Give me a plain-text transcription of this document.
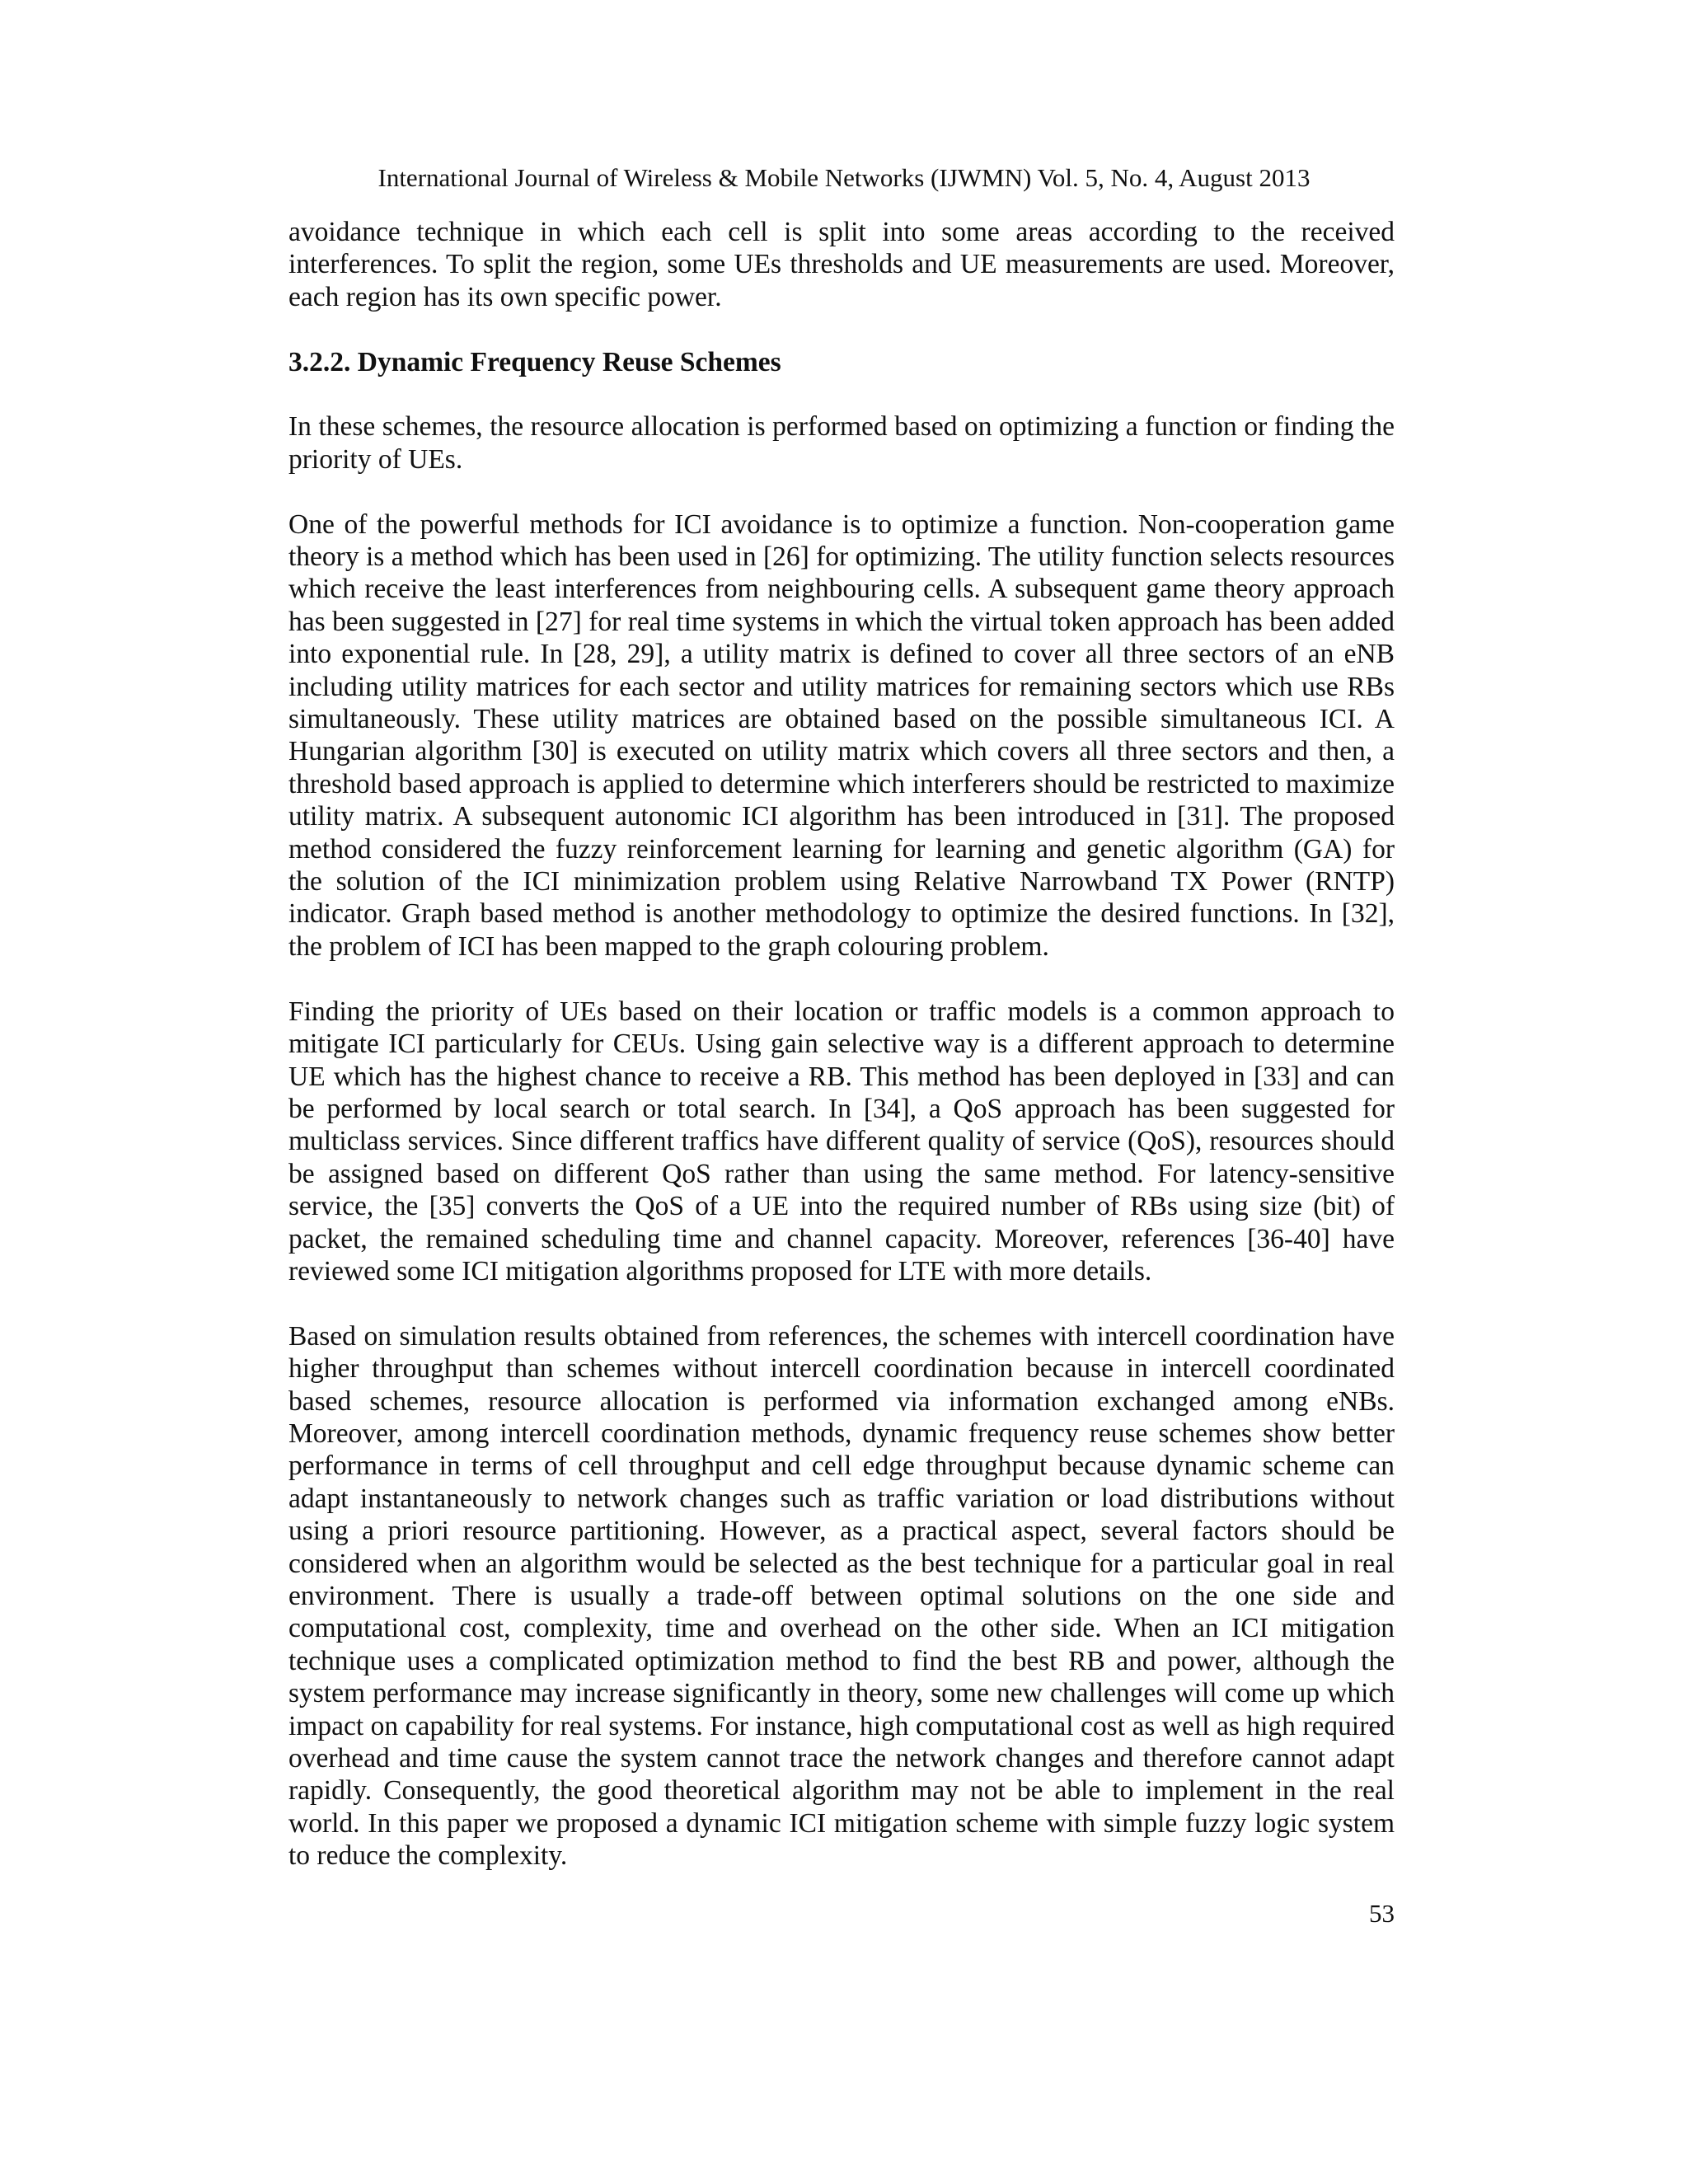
International Journal of Wireless & Mobile Networks (IJWMN) Vol. 5, No. 4, August 2013

avoidance technique in which each cell is split into some areas according to the received interferences. To split the region, some UEs thresholds and UE measurements are used. Moreover, each region has its own specific power.

3.2.2. Dynamic Frequency Reuse Schemes

In these schemes, the resource allocation is performed based on optimizing a function or finding the priority of UEs.

One of the powerful methods for ICI avoidance is to optimize a function. Non-cooperation game theory is a method which has been used in [26] for optimizing. The utility function selects resources which receive the least interferences from neighbouring cells. A subsequent game theory approach has been suggested in [27] for real time systems in which the virtual token approach has been added into exponential rule. In [28, 29], a utility matrix is defined to cover all three sectors of an eNB including utility matrices for each sector and utility matrices for remaining sectors which use RBs simultaneously. These utility matrices are obtained based on the possible simultaneous ICI. A Hungarian algorithm [30] is executed on utility matrix which covers all three sectors and then, a threshold based approach is applied to determine which interferers should be restricted to maximize utility matrix. A subsequent autonomic ICI algorithm has been introduced in [31]. The proposed method considered the fuzzy reinforcement learning for learning and genetic algorithm (GA) for the solution of the ICI minimization problem using Relative Narrowband TX Power (RNTP) indicator. Graph based method is another methodology to optimize the desired functions. In [32], the problem of ICI has been mapped to the graph colouring problem.

Finding the priority of UEs based on their location or traffic models is a common approach to mitigate ICI particularly for CEUs. Using gain selective way is a different approach to determine UE which has the highest chance to receive a RB. This method has been deployed in [33] and can be performed by local search or total search. In [34], a QoS approach has been suggested for multiclass services. Since different traffics have different quality of service (QoS), resources should be assigned based on different QoS rather than using the same method. For latency-sensitive service, the [35] converts the QoS of a UE into the required number of RBs using size (bit) of packet, the remained scheduling time and channel capacity. Moreover, references [36-40] have reviewed some ICI mitigation algorithms proposed for LTE with more details.

Based on simulation results obtained from references, the schemes with intercell coordination have higher throughput than schemes without intercell coordination because in intercell coordinated based schemes, resource allocation is performed via information exchanged among eNBs. Moreover, among intercell coordination methods, dynamic frequency reuse schemes show better performance in terms of cell throughput and cell edge throughput because dynamic scheme can adapt instantaneously to network changes such as traffic variation or load distributions without using a priori resource partitioning. However, as a practical aspect, several factors should be considered when an algorithm would be selected as the best technique for a particular goal in real environment. There is usually a trade-off between optimal solutions on the one side and computational cost, complexity, time and overhead on the other side. When an ICI mitigation technique uses a complicated optimization method to find the best RB and power, although the system performance may increase significantly in theory, some new challenges will come up which impact on capability for real systems. For instance, high computational cost as well as high required overhead and time cause the system cannot trace the network changes and therefore cannot adapt rapidly. Consequently, the good theoretical algorithm may not be able to implement in the real world. In this paper we proposed a dynamic ICI mitigation scheme with simple fuzzy logic system to reduce the complexity.

53
